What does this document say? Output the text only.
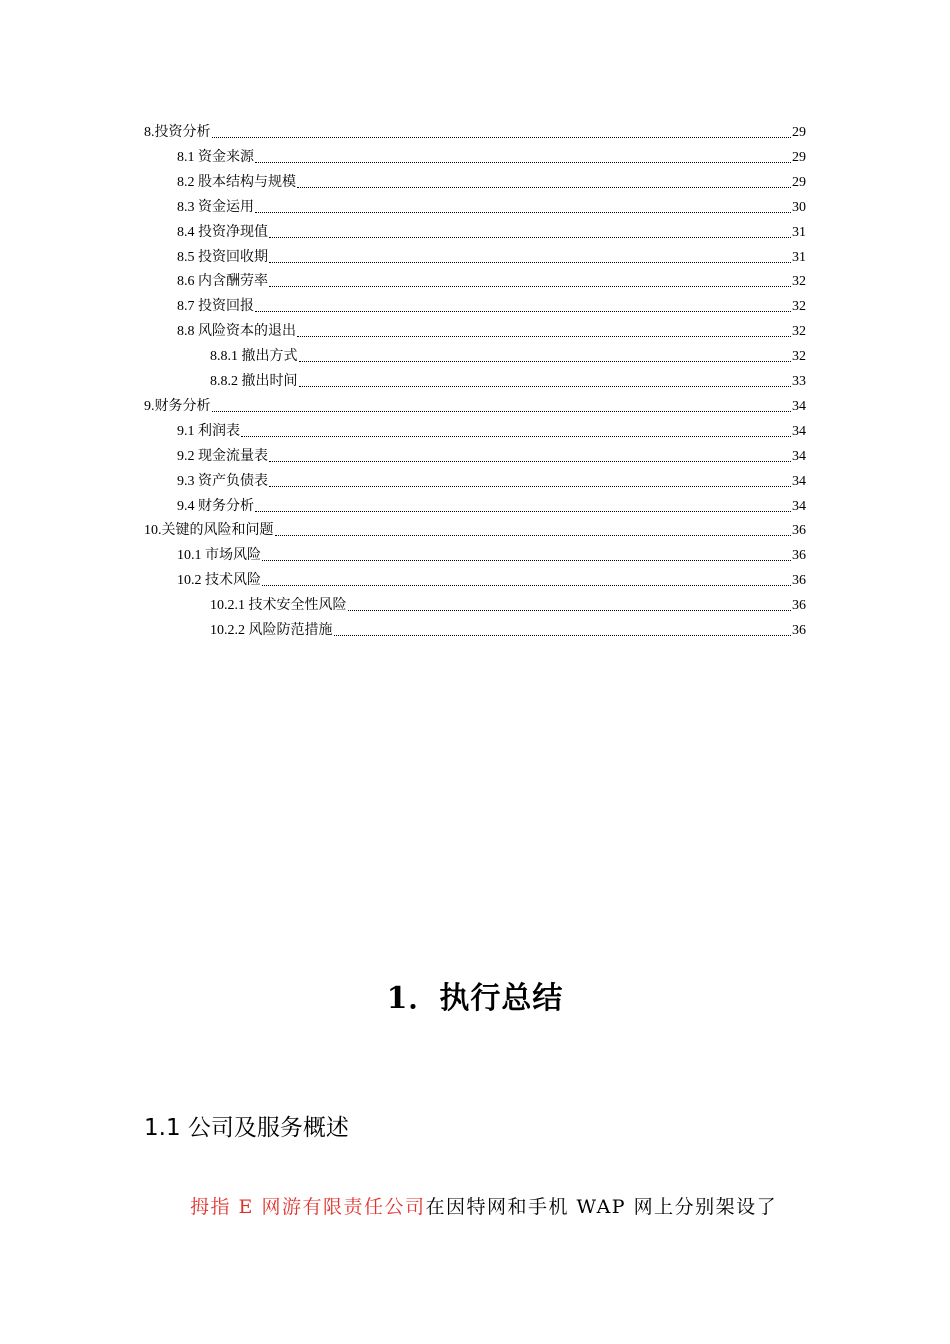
8.投资分析	29
8.1 资金来源	29
8.2 股本结构与规模	29
8.3 资金运用	30
8.4 投资净现值	31
8.5 投资回收期	31
8.6 内含酬劳率	32
8.7 投资回报	32
8.8 风险资本的退出	32
8.8.1 撤出方式	32
8.8.2 撤出时间	33
9.财务分析	34
9.1 利润表	34
9.2 现金流量表	34
9.3 资产负债表	34
9.4 财务分析	34
10.关键的风险和问题	36
10.1 市场风险	36
10.2 技术风险	36
10.2.1 技术安全性风险	36
10.2.2 风险防范措施	36
1．执行总结
1.1 公司及服务概述
拇指 E 网游有限责任公司在因特网和手机 WAP 网上分别架设了
